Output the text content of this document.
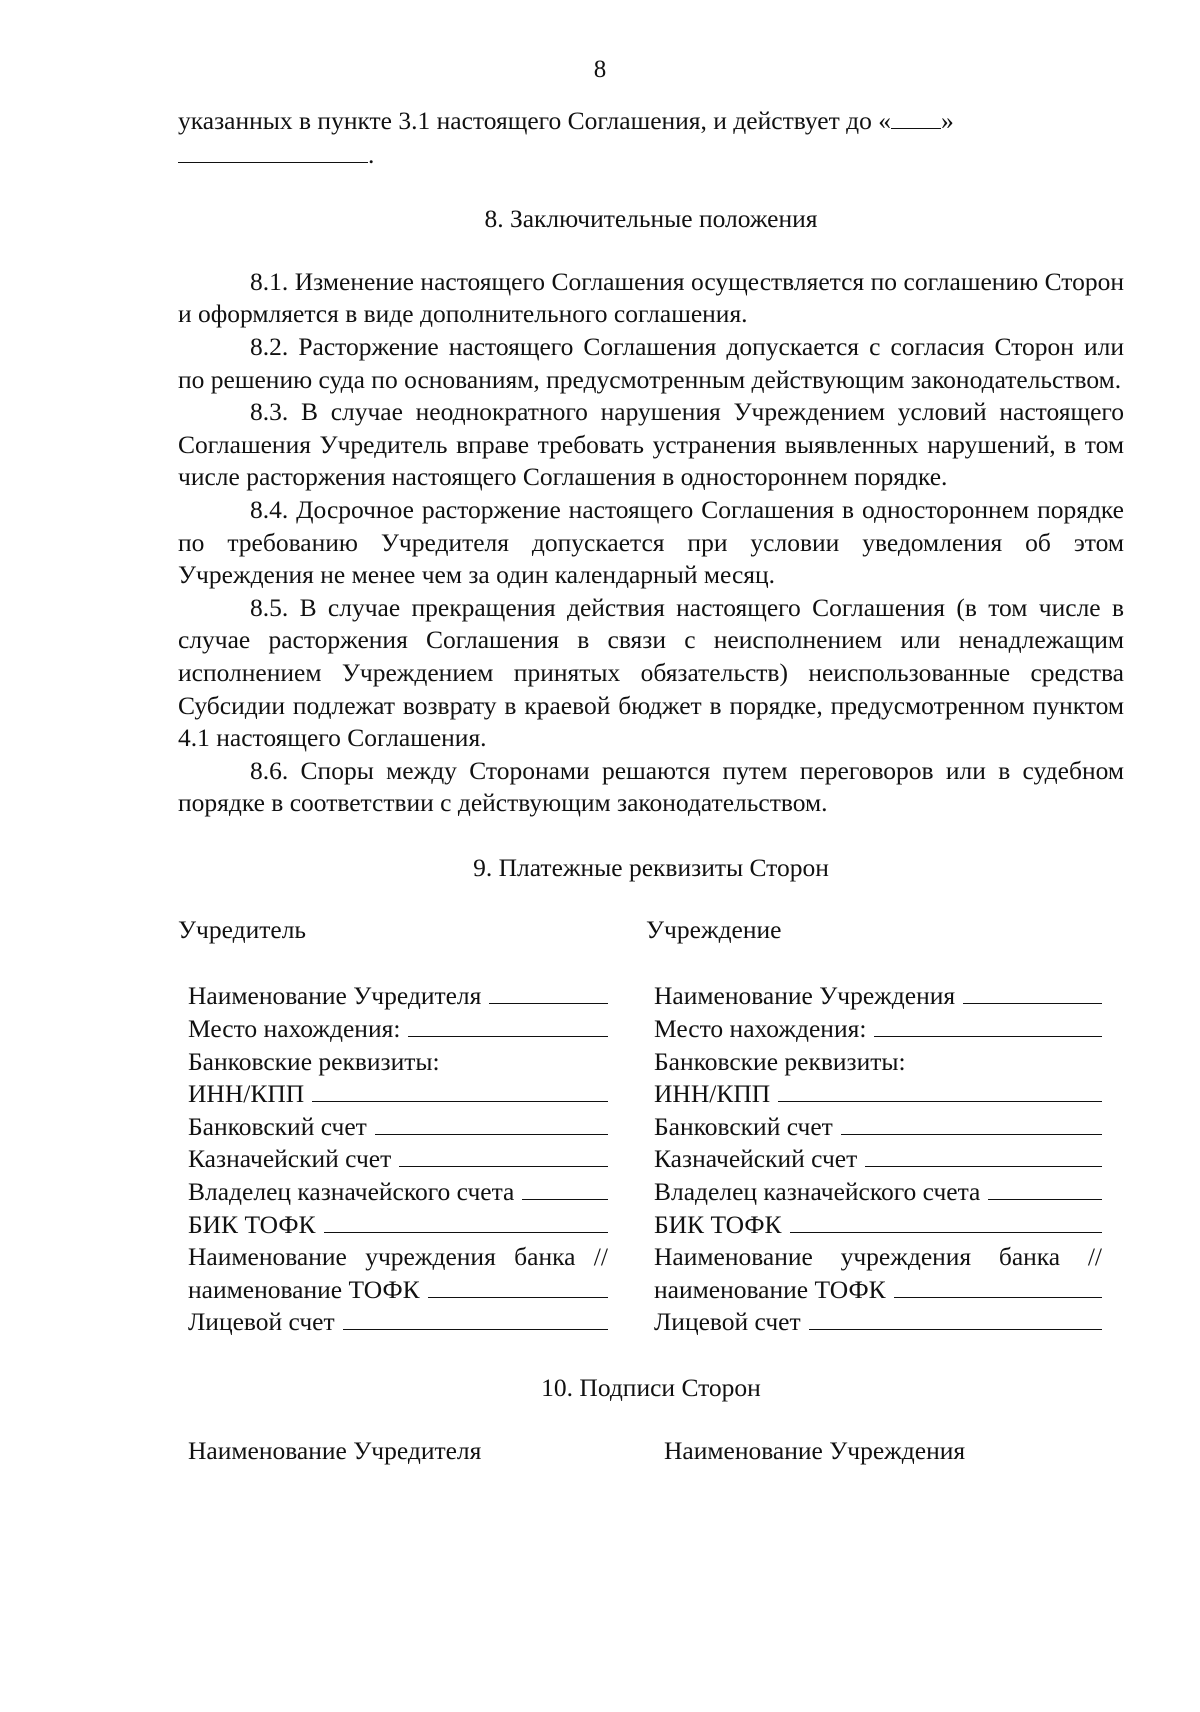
8

указанных в пункте 3.1 настоящего Соглашения, и действует до « »

.

8. Заключительные положения

8.1. Изменение настоящего Соглашения осуществляется по соглашению Сторон и оформляется в виде дополнительного соглашения.

8.2. Расторжение настоящего Соглашения допускается с согласия Сторон или по решению суда по основаниям, предусмотренным действующим законодательством.

8.3. В случае неоднократного нарушения Учреждением условий настоящего Соглашения Учредитель вправе требовать устранения выявленных нарушений, в том числе расторжения настоящего Соглашения в одностороннем порядке.

8.4. Досрочное расторжение настоящего Соглашения в одностороннем порядке по требованию Учредителя допускается при условии уведомления об этом Учреждения не менее чем за один календарный месяц.

8.5. В случае прекращения действия настоящего Соглашения (в том числе в случае расторжения Соглашения в связи с неисполнением или ненадлежащим исполнением Учреждением принятых обязательств) неиспользованные средства Субсидии подлежат возврату в краевой бюджет в порядке, предусмотренном пунктом 4.1 настоящего Соглашения.

8.6. Споры между Сторонами решаются путем переговоров или в судебном порядке в соответствии с действующим законодательством.

9. Платежные реквизиты Сторон

Учредитель	Учреждение
Наименование Учредителя
Место нахождения:
Банковские реквизиты:
ИНН/КПП
Банковский счет
Казначейский счет
Владелец казначейского счета
БИК ТОФК
Наименование учреждения банка //
наименование ТОФК
Лицевой счет
Наименование Учреждения
Место нахождения:
Банковские реквизиты:
ИНН/КПП
Банковский счет
Казначейский счет
Владелец казначейского счета
БИК ТОФК
Наименование учреждения банка //
наименование ТОФК
Лицевой счет

10. Подписи Сторон

Наименование Учредителя	Наименование Учреждения
